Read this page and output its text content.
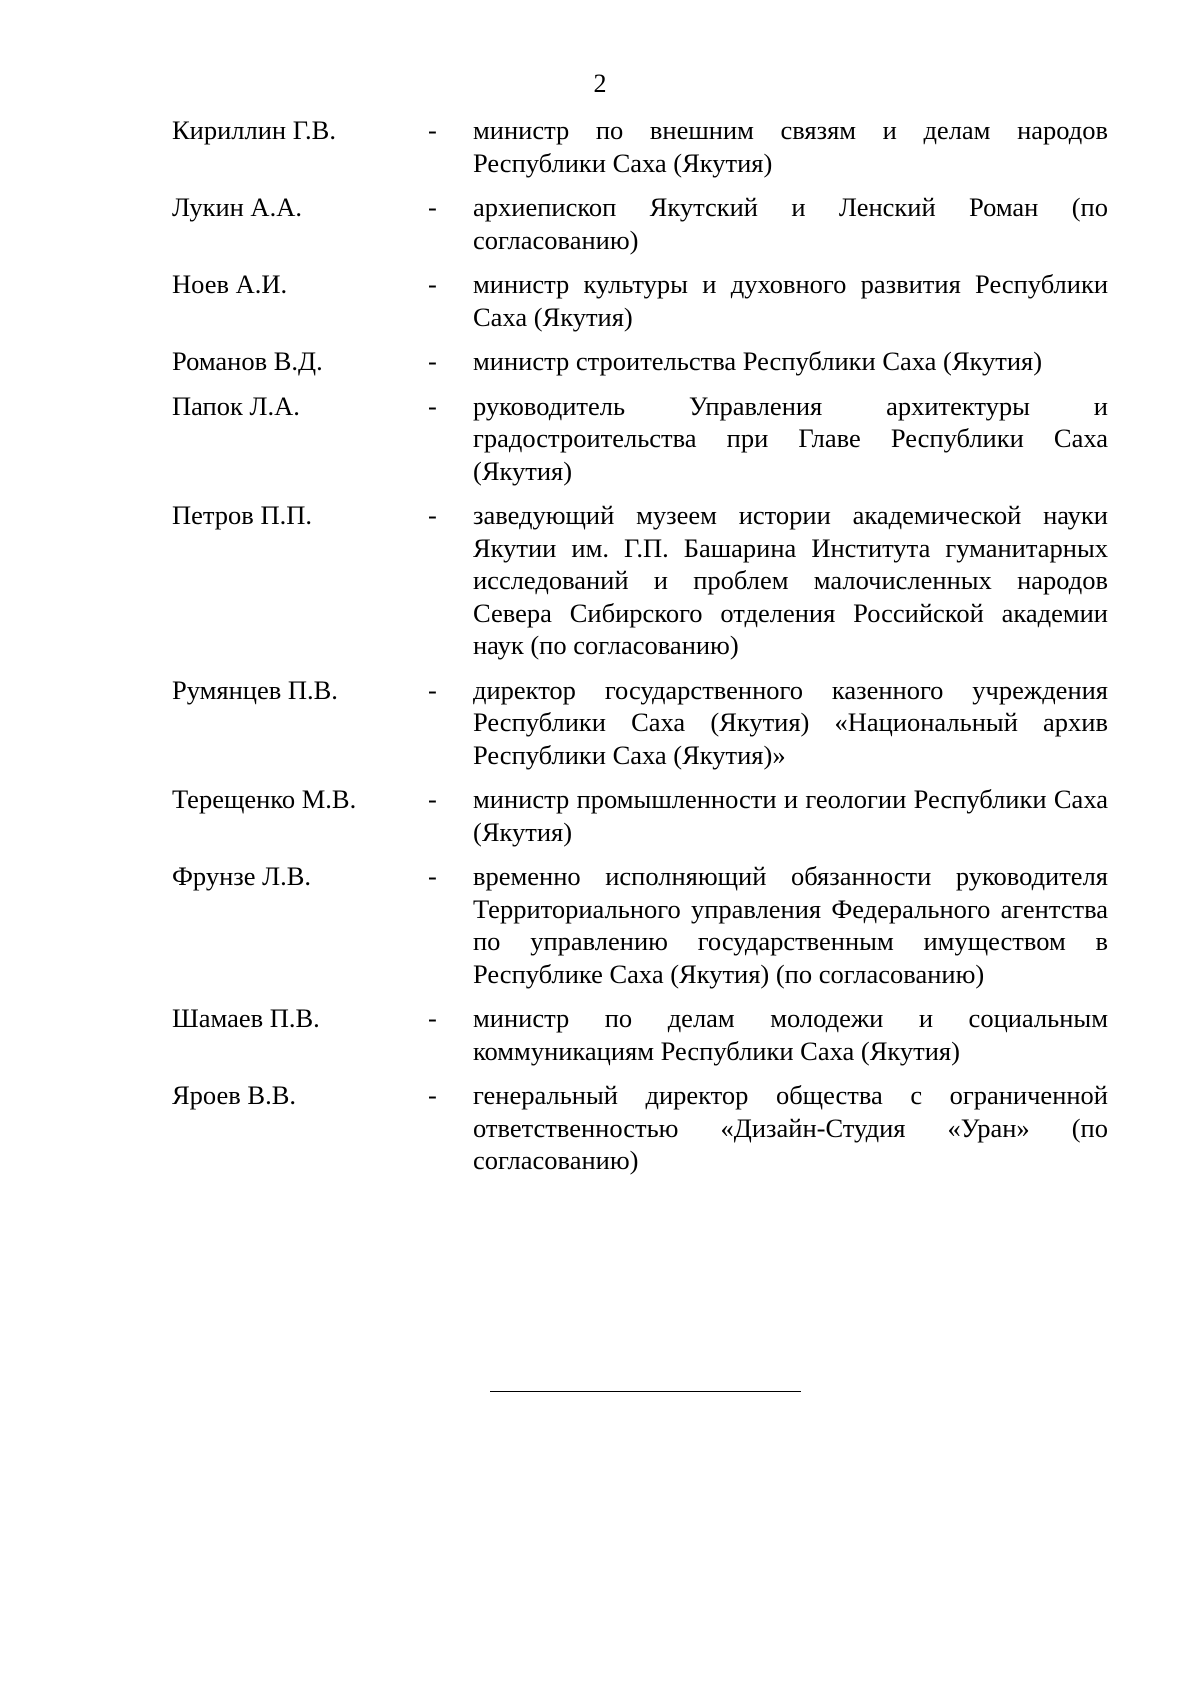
2
Кириллин Г.В.	-	министр по внешним связям и делам народов Республики Саха (Якутия)
Лукин А.А.	-	архиепископ Якутский и Ленский Роман (по согласованию)
Ноев А.И.	-	министр культуры и духовного развития Республики Саха (Якутия)
Романов В.Д.	-	министр строительства Республики Саха (Якутия)
Папок Л.А.	-	руководитель Управления архитектуры и градостроительства при Главе Республики Саха (Якутия)
Петров П.П.	-	заведующий музеем истории академической науки Якутии им. Г.П. Башарина Института гуманитарных исследований и проблем малочисленных народов Севера Сибирского отделения Российской академии наук (по согласованию)
Румянцев П.В.	-	директор государственного казенного учреждения Республики Саха (Якутия) «Национальный архив Республики Саха (Якутия)»
Терещенко М.В.	-	министр промышленности и геологии Республики Саха (Якутия)
Фрунзе Л.В.	-	временно исполняющий обязанности руководителя Территориального управления Федерального агентства по управлению государственным имуществом в Республике Саха (Якутия) (по согласованию)
Шамаев П.В.	-	министр по делам молодежи и социальным коммуникациям Республики Саха (Якутия)
Яроев В.В.	-	генеральный директор общества с ограниченной ответственностью «Дизайн-Студия «Уран» (по согласованию)
